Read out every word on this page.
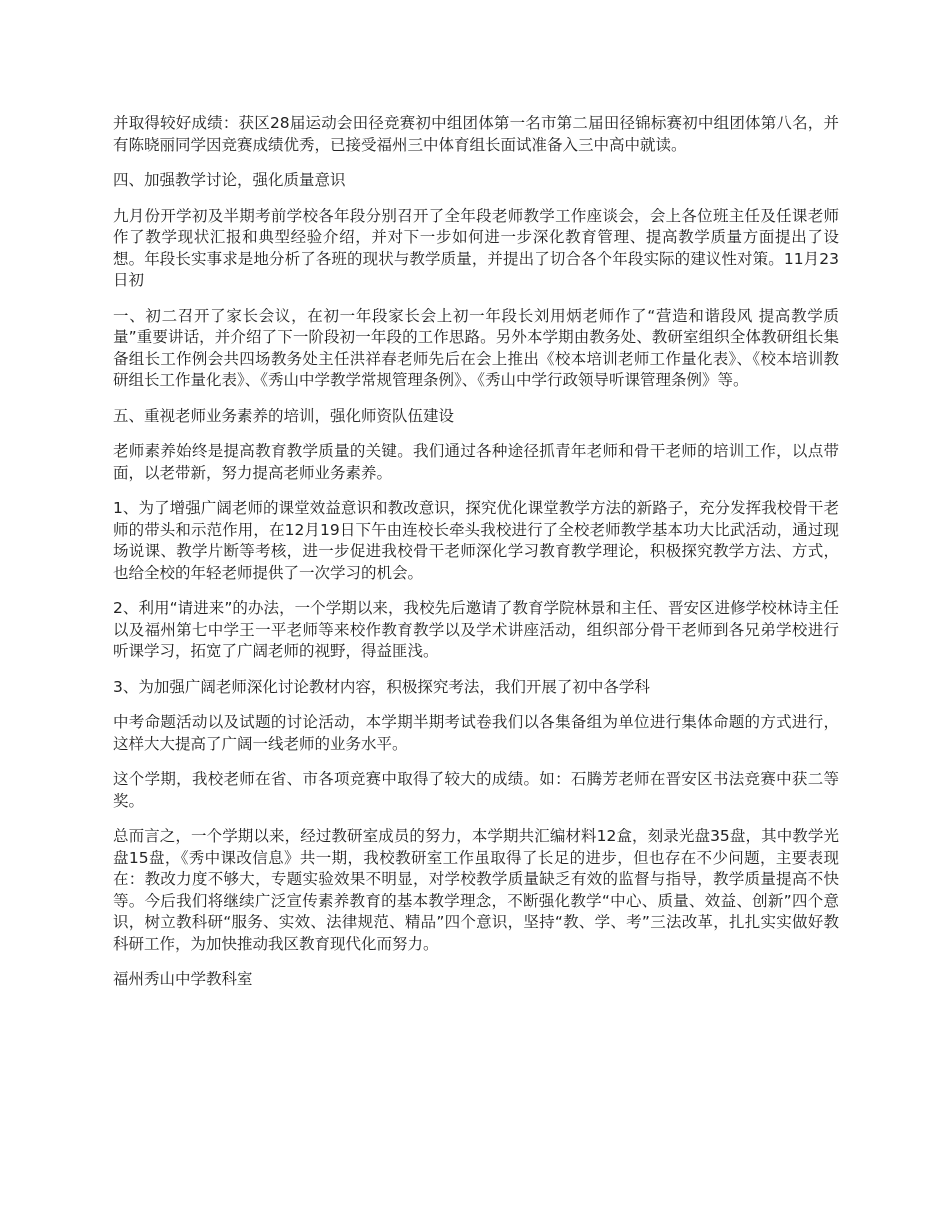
并取得较好成绩：获区28届运动会田径竞赛初中组团体第一名市第二届田径锦标赛初中组团体第八名，并有陈晓丽同学因竞赛成绩优秀，已接受福州三中体育组长面试准备入三中高中就读。

四、加强教学讨论，强化质量意识

九月份开学初及半期考前学校各年段分别召开了全年段老师教学工作座谈会，会上各位班主任及任课老师作了教学现状汇报和典型经验介绍，并对下一步如何进一步深化教育管理、提高教学质量方面提出了设想。年段长实事求是地分析了各班的现状与教学质量，并提出了切合各个年段实际的建议性对策。11月23日初

一、初二召开了家长会议，在初一年段家长会上初一年段长刘用炳老师作了“营造和谐段风 提高教学质量”重要讲话，并介绍了下一阶段初一年段的工作思路。另外本学期由教务处、教研室组织全体教研组长集备组长工作例会共四场教务处主任洪祥春老师先后在会上推出《校本培训老师工作量化表》、《校本培训教研组长工作量化表》、《秀山中学教学常规管理条例》、《秀山中学行政领导听课管理条例》等。

五、重视老师业务素养的培训，强化师资队伍建设

老师素养始终是提高教育教学质量的关键。我们通过各种途径抓青年老师和骨干老师的培训工作，以点带面，以老带新，努力提高老师业务素养。

1、为了增强广阔老师的课堂效益意识和教改意识，探究优化课堂教学方法的新路子，充分发挥我校骨干老师的带头和示范作用，在12月19日下午由连校长牵头我校进行了全校老师教学基本功大比武活动，通过现场说课、教学片断等考核，进一步促进我校骨干老师深化学习教育教学理论，积极探究教学方法、方式，也给全校的年轻老师提供了一次学习的机会。

2、利用“请进来”的办法，一个学期以来，我校先后邀请了教育学院林景和主任、晋安区进修学校林诗主任以及福州第七中学王一平老师等来校作教育教学以及学术讲座活动，组织部分骨干老师到各兄弟学校进行听课学习，拓宽了广阔老师的视野，得益匪浅。

3、为加强广阔老师深化讨论教材内容，积极探究考法，我们开展了初中各学科

中考命题活动以及试题的讨论活动，本学期半期考试卷我们以各集备组为单位进行集体命题的方式进行，这样大大提高了广阔一线老师的业务水平。

这个学期，我校老师在省、市各项竞赛中取得了较大的成绩。如：石腾芳老师在晋安区书法竞赛中获二等奖。

总而言之，一个学期以来，经过教研室成员的努力，本学期共汇编材料12盒，刻录光盘35盘，其中教学光盘15盘，《秀中课改信息》共一期，我校教研室工作虽取得了长足的进步，但也存在不少问题，主要表现在：教改力度不够大，专题实验效果不明显，对学校教学质量缺乏有效的监督与指导，教学质量提高不快等。今后我们将继续广泛宣传素养教育的基本教学理念，不断强化教学“中心、质量、效益、创新”四个意识，树立教科研“服务、实效、法律规范、精品”四个意识，坚持“教、学、考”三法改革，扎扎实实做好教科研工作，为加快推动我区教育现代化而努力。

福州秀山中学教科室
